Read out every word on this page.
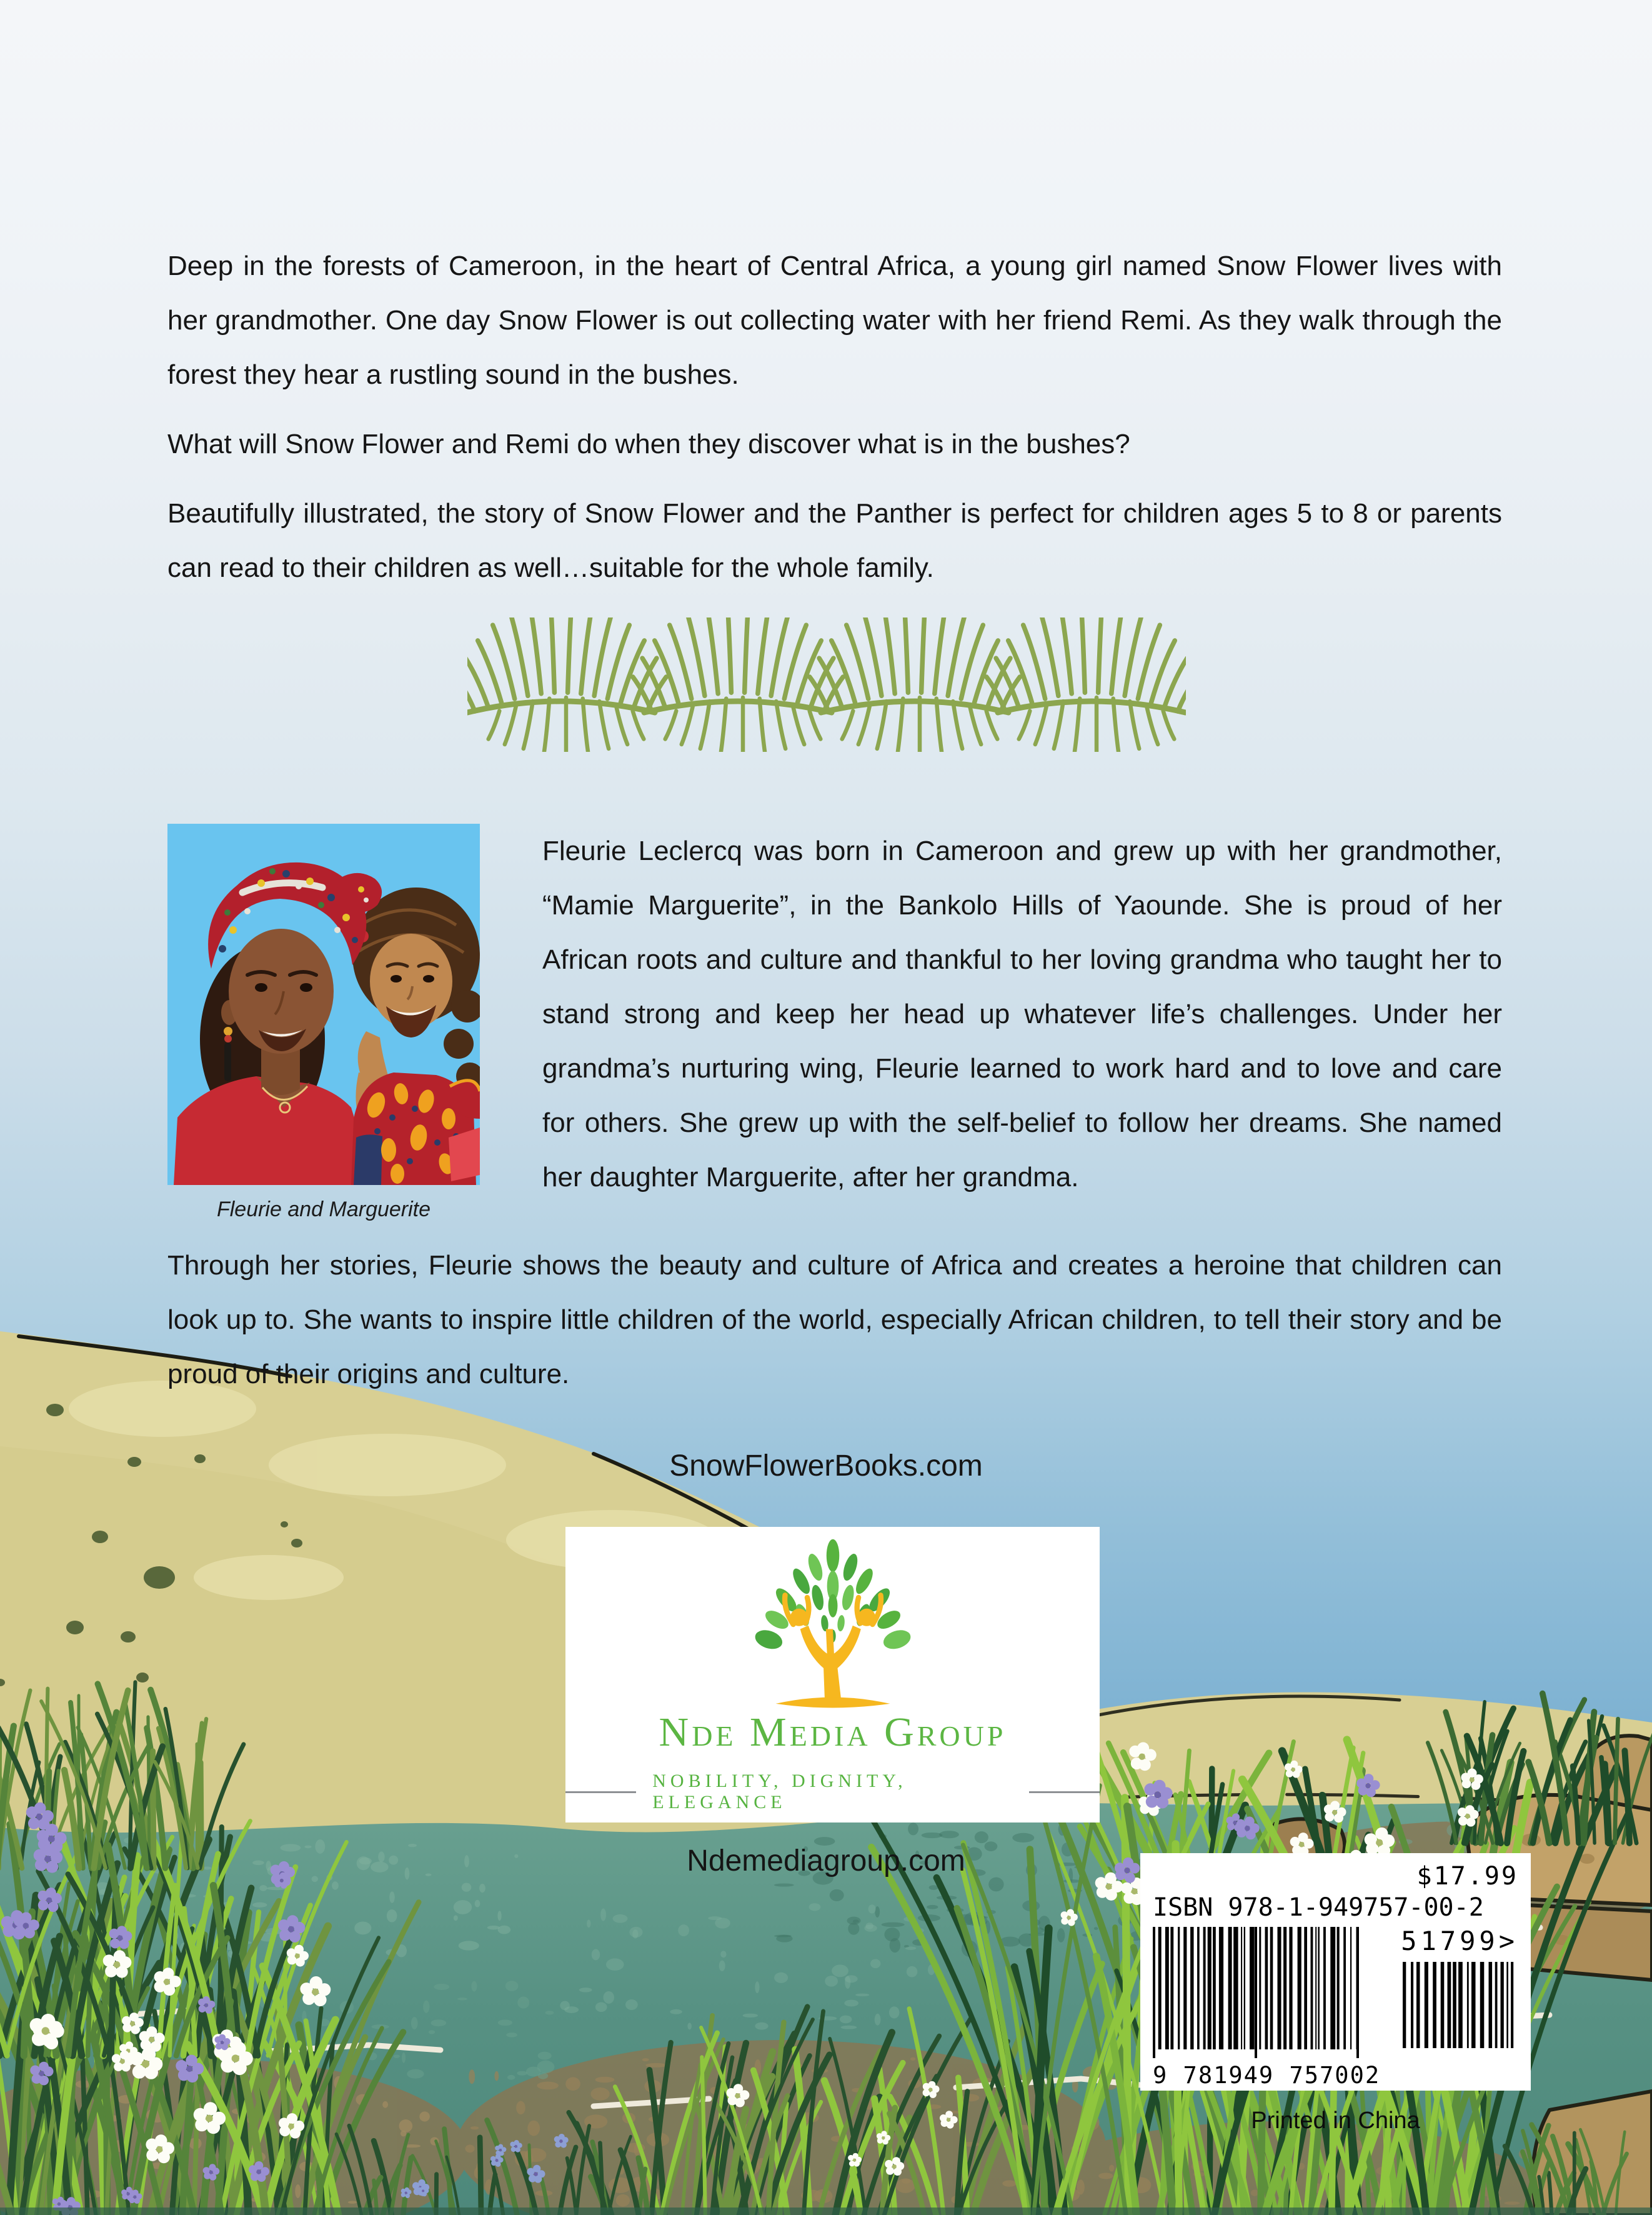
Deep in the forests of Cameroon, in the heart of Central Africa, a young girl named Snow Flower lives with her grandmother. One day Snow Flower is out collecting water with her friend Remi. As they walk through the forest they hear a rustling sound in the bushes.

What will Snow Flower and Remi do when they discover what is in the bushes?

Beautifully illustrated, the story of Snow Flower and the Panther is perfect for children ages 5 to 8 or parents can read to their children as well…suitable for the whole family.

Fleurie and Marguerite

Fleurie Leclercq was born in Cameroon and grew up with her grandmother, “Mamie Marguerite”, in the Bankolo Hills of Yaounde. She is proud of her African roots and culture and thankful to her loving grandma who taught her to stand strong and keep her head up whatever life’s challenges. Under her grandma’s nurturing wing, Fleurie learned to work hard and to love and care for others. She grew up with the self-belief to follow her dreams. She named her daughter Marguerite, after her grandma.

Through her stories, Fleurie shows the beauty and culture of Africa and creates a heroine that children can look up to. She wants to inspire little children of the world, especially African children, to tell their story and be proud of their origins and culture.

SnowFlowerBooks.com
Nde Media Group
NOBILITY, DIGNITY, ELEGANCE
Ndemediagroup.com	$17.99
ISBN 978-1-949757-00-2
9 781949 757002
51799>
Printed in China
